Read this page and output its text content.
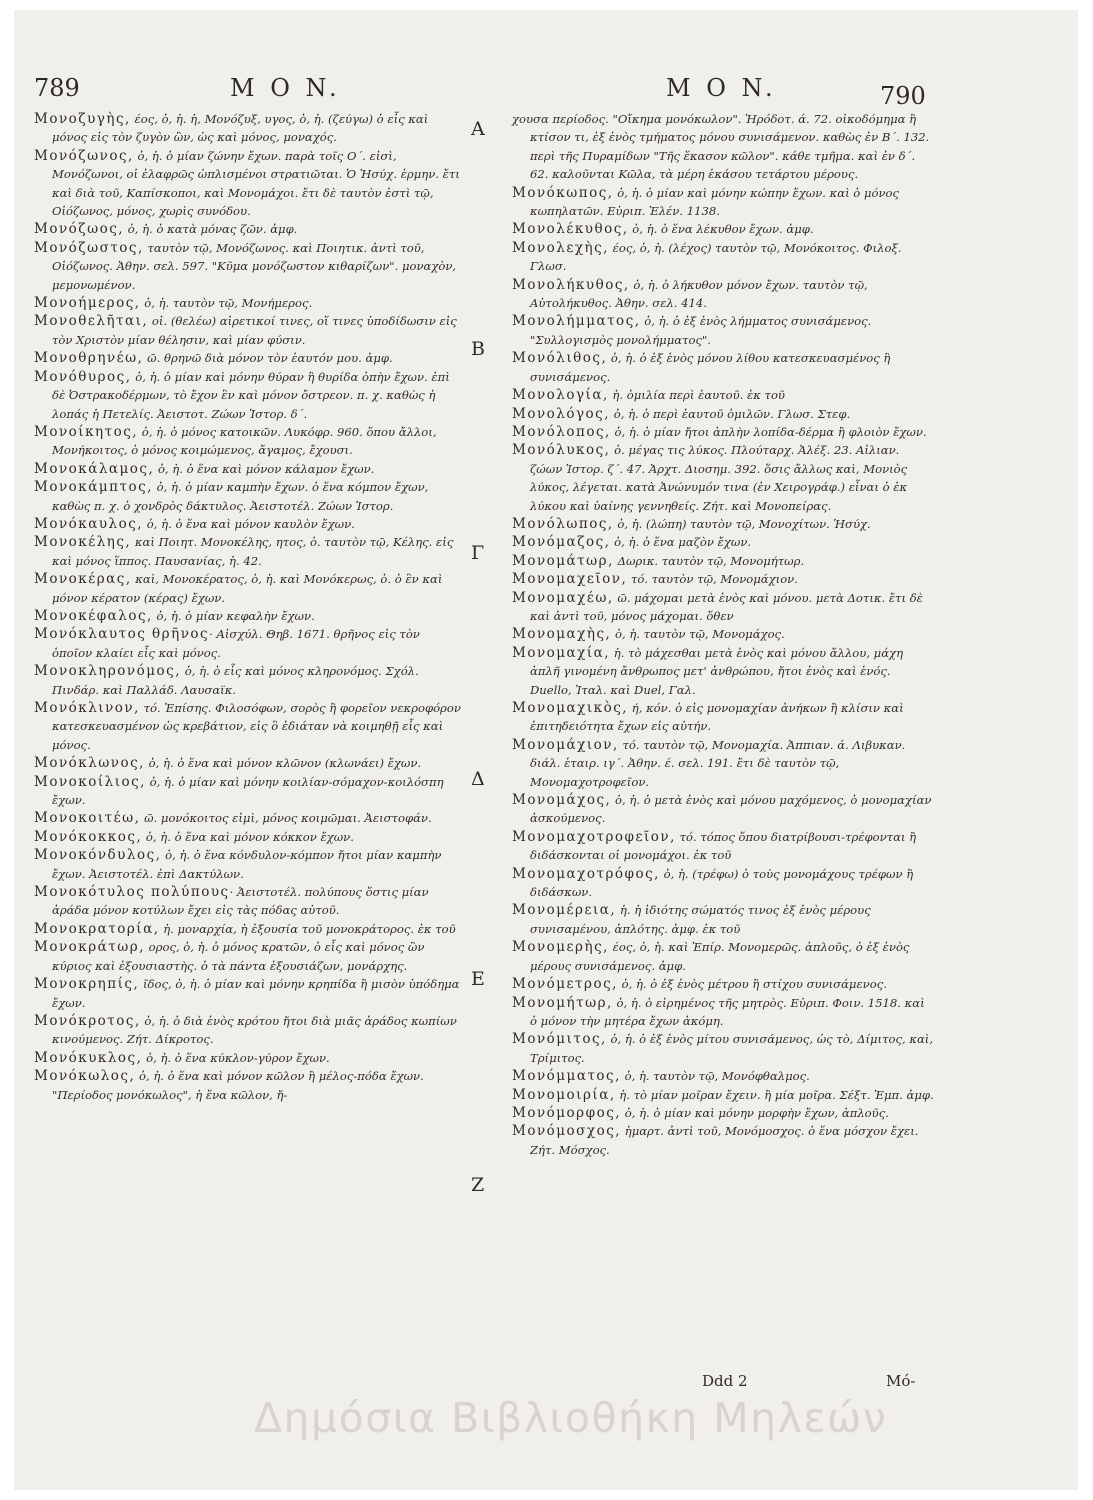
789	M O N.	M O N.	790

Μονοζυγὴς, έος, ὁ, ἡ. ἡ, Μονόζυξ, υγος, ὁ, ἡ. (ζεύγω) ὁ εἷς καὶ μόνος εἰς τὸν ζυγὸν ὢν, ὡς καὶ μόνος, μοναχός.

Μονόζωνος, ὁ, ἡ. ὁ μίαν ζώνην ἔχων. παρὰ τοῖς Ο΄. εἰσὶ, Μονόζωνοι, οἱ ἐλαφρῶς ὡπλισμένοι στρατιῶται. Ὁ Ἡσύχ. ἑρμην. ἔτι καὶ διὰ τοῦ, Καπίσκοποι, καὶ Μονομάχοι. ἔτι δὲ ταυτὸν ἐστὶ τῷ, Οἰόζωνος, μόνος, χωρὶς συνόδου.

Μονόζωος, ὁ, ἡ. ὁ κατὰ μόνας ζῶν. ἀμφ.

Μονόζωστος, ταυτὸν τῷ, Μονόζωνος. καὶ Ποιητικ. ἀντὶ τοῦ, Οἰόζωνος. Ἀθην. σελ. 597. "Κῦμα μονόζωστον κιθαρίζων". μοναχὸν, μεμονωμένον.

Μονοήμερος, ὁ, ἡ. ταυτὸν τῷ, Μονήμερος.

Μονοθελῆται, οἱ. (θελέω) αἱρετικοί τινες, οἵ τινες ὑποδίδωσιν εἰς τὸν Χριστὸν μίαν θέλησιν, καὶ μίαν φύσιν.

Μονοθρηνέω, ῶ. θρηνῶ διὰ μόνον τὸν ἑαυτόν μου. ἀμφ.

Μονόθυρος, ὁ, ἡ. ὁ μίαν καὶ μόνην θύραν ἢ θυρίδα ὀπὴν ἔχων. ἐπὶ δὲ Ὀστρακοδέρμων, τὸ ἔχον ἓν καὶ μόνον ὄστρεον. π. χ. καθὼς ἡ λοπάς ἡ Πετελίς. Ἀειστοτ. Ζώων Ἱστορ. δ΄.

Μονοίκητος, ὁ, ἡ. ὁ μόνος κατοικῶν. Λυκόφρ. 960. ὅπου ἄλλοι, Μονήκοιτος, ὁ μόνος κοιμώμενος, ἄγαμος, ἔχουσι.

Μονοκάλαμος, ὁ, ἡ. ὁ ἕνα καὶ μόνον κάλαμον ἔχων.

Μονοκάμπτος, ὁ, ἡ. ὁ μίαν καμπὴν ἔχων. ὁ ἕνα κόμπον ἔχων, καθὼς π. χ. ὁ χονδρὸς δάκτυλος. Ἀειστοτέλ. Ζώων Ἱστορ.

Μονόκαυλος, ὁ, ἡ. ὁ ἕνα καὶ μόνον καυλὸν ἔχων.

Μονοκέλης, καὶ Ποιητ. Μονοκέλης, ητος, ὁ. ταυτὸν τῷ, Κέλης. εἰς καὶ μόνος ἵππος. Παυσανίας, ἡ. 42.

Μονοκέρας, καὶ, Μονοκέρατος, ὁ, ἡ. καὶ Μονόκερως, ὁ. ὁ ἓν καὶ μόνον κέρατον (κέρας) ἔχων.

Μονοκέφαλος, ὁ, ἡ. ὁ μίαν κεφαλὴν ἔχων.

Μονόκλαυτος θρῆνος· Αἰσχύλ. Θηβ. 1671. θρῆνος εἰς τὸν ὁποῖον κλαίει εἷς καὶ μόνος.

Μονοκληρονόμος, ὁ, ἡ. ὁ εἷς καὶ μόνος κληρονόμος. Σχόλ. Πινδάρ. καὶ Παλλάδ. Λαυσαϊκ.

Μονόκλινον, τό. Ἐπίσης. Φιλοσόφων, σορὸς ἢ φορεῖον νεκροφόρον κατεσκευασμένον ὡς κρεβάτιον, εἰς ὃ ἐδιάταν νὰ κοιμηθῇ εἷς καὶ μόνος.

Μονόκλωνος, ὁ, ἡ. ὁ ἕνα καὶ μόνον κλῶνον (κλωνάει) ἔχων.

Μονοκοίλιος, ὁ, ἡ. ὁ μίαν καὶ μόνην κοιλίαν-σόμαχον-κοιλόσπη ἔχων.

Μονοκοιτέω, ῶ. μονόκοιτος εἰμὶ, μόνος κοιμῶμαι. Ἀειστοφάν.

Μονόκοκκος, ὁ, ἡ. ὁ ἕνα καὶ μόνον κόκκον ἔχων.

Μονοκόνδυλος, ὁ, ἡ. ὁ ἕνα κόνδυλον-κόμπον ἤτοι μίαν καμπὴν ἔχων. Ἀειστοτέλ. ἐπὶ Δακτύλων.

Μονοκότυλος πολύπους· Ἀειστοτέλ. πολύπους ὅστις μίαν ἀράδα μόνον κοτύλων ἔχει εἰς τὰς πόδας αὐτοῦ.

Μονοκρατορία, ἡ. μοναρχία, ἡ ἐξουσία τοῦ μονοκράτορος. ἐκ τοῦ

Μονοκράτωρ, ορος, ὁ, ἡ. ὁ μόνος κρατῶν, ὁ εἷς καὶ μόνος ὢν κύριος καὶ ἐξουσιαστὴς. ὁ τὰ πάντα ἐξουσιάζων, μονάρχης.

Μονοκρηπίς, ῖδος, ὁ, ἡ. ὁ μίαν καὶ μόνην κρηπίδα ἢ μισὸν ὑπόδημα ἔχων.

Μονόκροτος, ὁ, ἡ. ὁ διὰ ἑνὸς κρότου ἤτοι διὰ μιᾶς ἀράδος κωπίων κινούμενος. Ζήτ. Δίκροτος.

Μονόκυκλος, ὁ, ἡ. ὁ ἕνα κύκλον-γύρον ἔχων.

Μονόκωλος, ὁ, ἡ. ὁ ἕνα καὶ μόνον κῶλον ἢ μέλος-πόδα ἔχων. "Περίοδος μονόκωλος", ἡ ἕνα κῶλον, ἤ-

Α
Β
Γ
Δ
Ε
Ζ

χουσα περίοδος. "Οἴκημα μονόκωλον". Ἡρόδοτ. ά. 72. οἰκοδόμημα ἢ κτίσον τι, ἐξ ἑνὸς τμήματος μόνου συνισάμενον. καθὼς ἐν Β΄. 132. περὶ τῆς Πυραμίδων "Τῆς ἕκασον κῶλον". κάθε τμῆμα. καὶ ἐν δ΄. 62. καλοῦνται Κῶλα, τὰ μέρη ἑκάσου τετάρτου μέρους.

Μονόκωπος, ὁ, ἡ. ὁ μίαν καὶ μόνην κώπην ἔχων. καὶ ὁ μόνος κωπηλατῶν. Εὐριπ. Ἑλέν. 1138.

Μονολέκυθος, ὁ, ἡ. ὁ ἕνα λέκυθον ἔχων. ἀμφ.

Μονολεχὴς, έος, ὁ, ἡ. (λέχος) ταυτὸν τῷ, Μονόκοιτος. Φιλοξ. Γλωσ.

Μονολήκυθος, ὁ, ἡ. ὁ λήκυθον μόνον ἔχων. ταυτὸν τῷ, Αὐτολήκυθος. Ἀθην. σελ. 414.

Μονολήμματος, ὁ, ἡ. ὁ ἐξ ἑνὸς λήμματος συνισάμενος. "Συλλογισμὸς μονολήμματος".

Μονόλιθος, ὁ, ἡ. ὁ ἐξ ἑνὸς μόνου λίθου κατεσκευασμένος ἢ συνισάμενος.

Μονολογία, ἡ. ὁμιλία περὶ ἑαυτοῦ. ἐκ τοῦ

Μονολόγος, ὁ, ἡ. ὁ περὶ ἑαυτοῦ ὁμιλῶν. Γλωσ. Στεφ.

Μονόλοπος, ὁ, ἡ. ὁ μίαν ἤτοι ἁπλὴν λοπίδα-δέρμα ἢ φλοιὸν ἔχων.

Μονόλυκος, ὁ. μέγας τις λύκος. Πλούταρχ. Ἀλέξ. 23. Αἰλιαν. ζώων Ἱστορ. ζ΄. 47. Ἀρχτ. Διοσημ. 392. ὅσις ἄλλως καὶ, Μονιὸς λύκος, λέγεται. κατὰ Ἀνώνυμόν τινα (ἐν Χειρογράφ.) εἶναι ὁ ἐκ λύκου καὶ ὑαίνης γεννηθείς. Ζήτ. καὶ Μονοπείρας.

Μονόλωπος, ὁ, ἡ. (λώπη) ταυτὸν τῷ, Μονοχίτων. Ἡσύχ.

Μονόμαζος, ὁ, ἡ. ὁ ἕνα μαζὸν ἔχων.

Μονομάτωρ, Δωρικ. ταυτὸν τῷ, Μονομήτωρ.

Μονομαχεῖον, τό. ταυτὸν τῷ, Μονομάχιον.

Μονομαχέω, ῶ. μάχομαι μετὰ ἑνὸς καὶ μόνου. μετὰ Δοτικ. ἔτι δὲ καὶ ἀντὶ τοῦ, μόνος μάχομαι. ὅθεν

Μονομαχὴς, ὁ, ἡ. ταυτὸν τῷ, Μονομάχος.

Μονομαχία, ἡ. τὸ μάχεσθαι μετὰ ἑνὸς καὶ μόνου ἄλλου, μάχη ἁπλῆ γινομένη ἄνθρωπος μετ' ἀνθρώπου, ἤτοι ἑνὸς καὶ ἑνός. Duello, Ἰταλ. καὶ Duel, Γαλ.

Μονομαχικὸς, ή, κόν. ὁ εἰς μονομαχίαν ἀνήκων ἢ κλίσιν καὶ ἐπιτηδειότητα ἔχων εἰς αὐτήν.

Μονομάχιον, τό. ταυτὸν τῷ, Μονομαχία. Ἀππιαν. ά. Λιβυκαν. διάλ. ἑταιρ. ιγ΄. Ἀθην. έ. σελ. 191. ἔτι δὲ ταυτὸν τῷ, Μονομαχοτροφεῖον.

Μονομάχος, ὁ, ἡ. ὁ μετὰ ἑνὸς καὶ μόνου μαχόμενος, ὁ μονομαχίαν ἀσκούμενος.

Μονομαχοτροφεῖον, τό. τόπος ὅπου διατρίβουσι-τρέφονται ἢ διδάσκονται οἱ μονομάχοι. ἐκ τοῦ

Μονομαχοτρόφος, ὁ, ἡ. (τρέφω) ὁ τοὺς μονομάχους τρέφων ἢ διδάσκων.

Μονομέρεια, ἡ. ἡ ἰδιότης σώματός τινος ἐξ ἑνὸς μέρους συνισαμένου, ἁπλότης. ἀμφ. ἐκ τοῦ

Μονομερὴς, έος, ὁ, ἡ. καὶ Ἐπίρ. Μονομερῶς. ἁπλοῦς, ὁ ἐξ ἑνὸς μέρους συνισάμενος. ἀμφ.

Μονόμετρος, ὁ, ἡ. ὁ ἐξ ἑνὸς μέτρου ἢ στίχου συνισάμενος.

Μονομήτωρ, ὁ, ἡ. ὁ εἰρημένος τῆς μητρὸς. Εὐριπ. Φοιν. 1518. καὶ ὁ μόνον τὴν μητέρα ἔχων ἀκόμη.

Μονόμιτος, ὁ, ἡ. ὁ ἐξ ἑνὸς μίτου συνισάμενος, ὡς τὸ, Δίμιτος, καὶ, Τρίμιτος.

Μονόμματος, ὁ, ἡ. ταυτὸν τῷ, Μονόφθαλμος.

Μονομοιρία, ἡ. τὸ μίαν μοῖραν ἔχειν. ἢ μία μοῖρα. Σέξτ. Ἐμπ. ἀμφ.

Μονόμορφος, ὁ, ἡ. ὁ μίαν καὶ μόνην μορφὴν ἔχων, ἁπλοῦς.

Μονόμοσχος, ἡμαρτ. ἀντὶ τοῦ, Μονόμοσχος. ὁ ἕνα μόσχον ἔχει. Ζήτ. Μόσχος.

Ddd 2	Μό-
Δημόσια Βιβλιοθήκη Μηλεών
